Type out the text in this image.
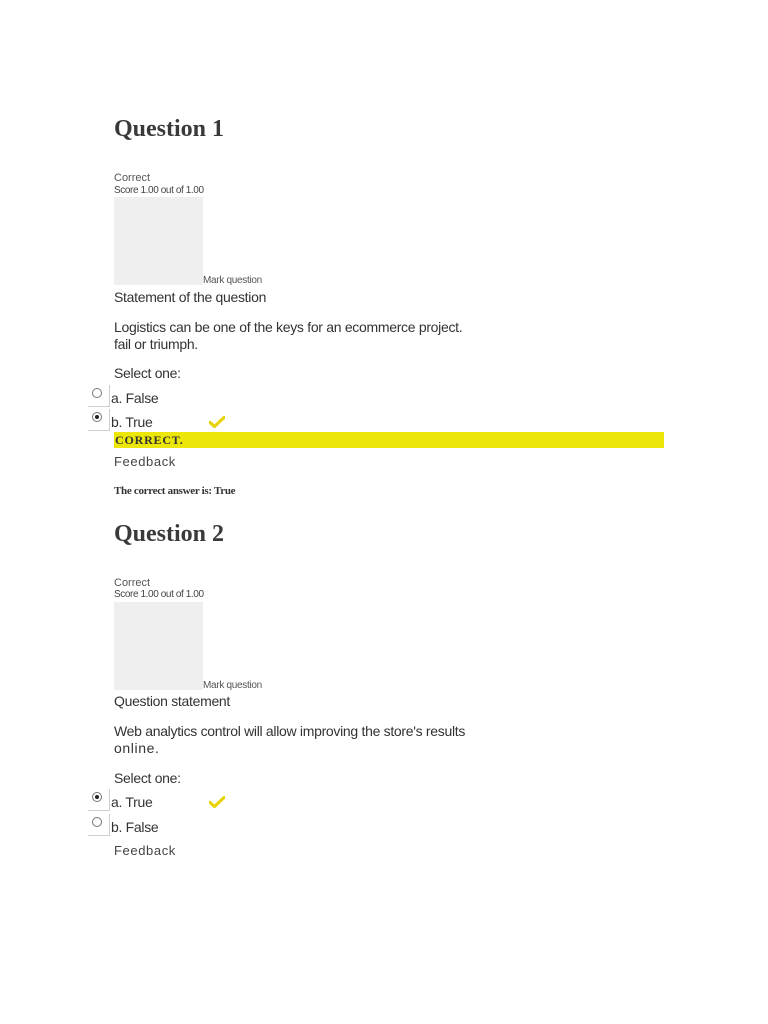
Question 1
Correct
Score 1.00 out of 1.00
Mark question
Statement of the question
Logistics can be one of the keys for an ecommerce project.
fail or triumph.
Select one:
a. False
b. True
CORRECT.
Feedback
The correct answer is: True
Question 2
Correct
Score 1.00 out of 1.00
Mark question
Question statement
Web analytics control will allow improving the store's results
online.
Select one:
a. True
b. False
Feedback
